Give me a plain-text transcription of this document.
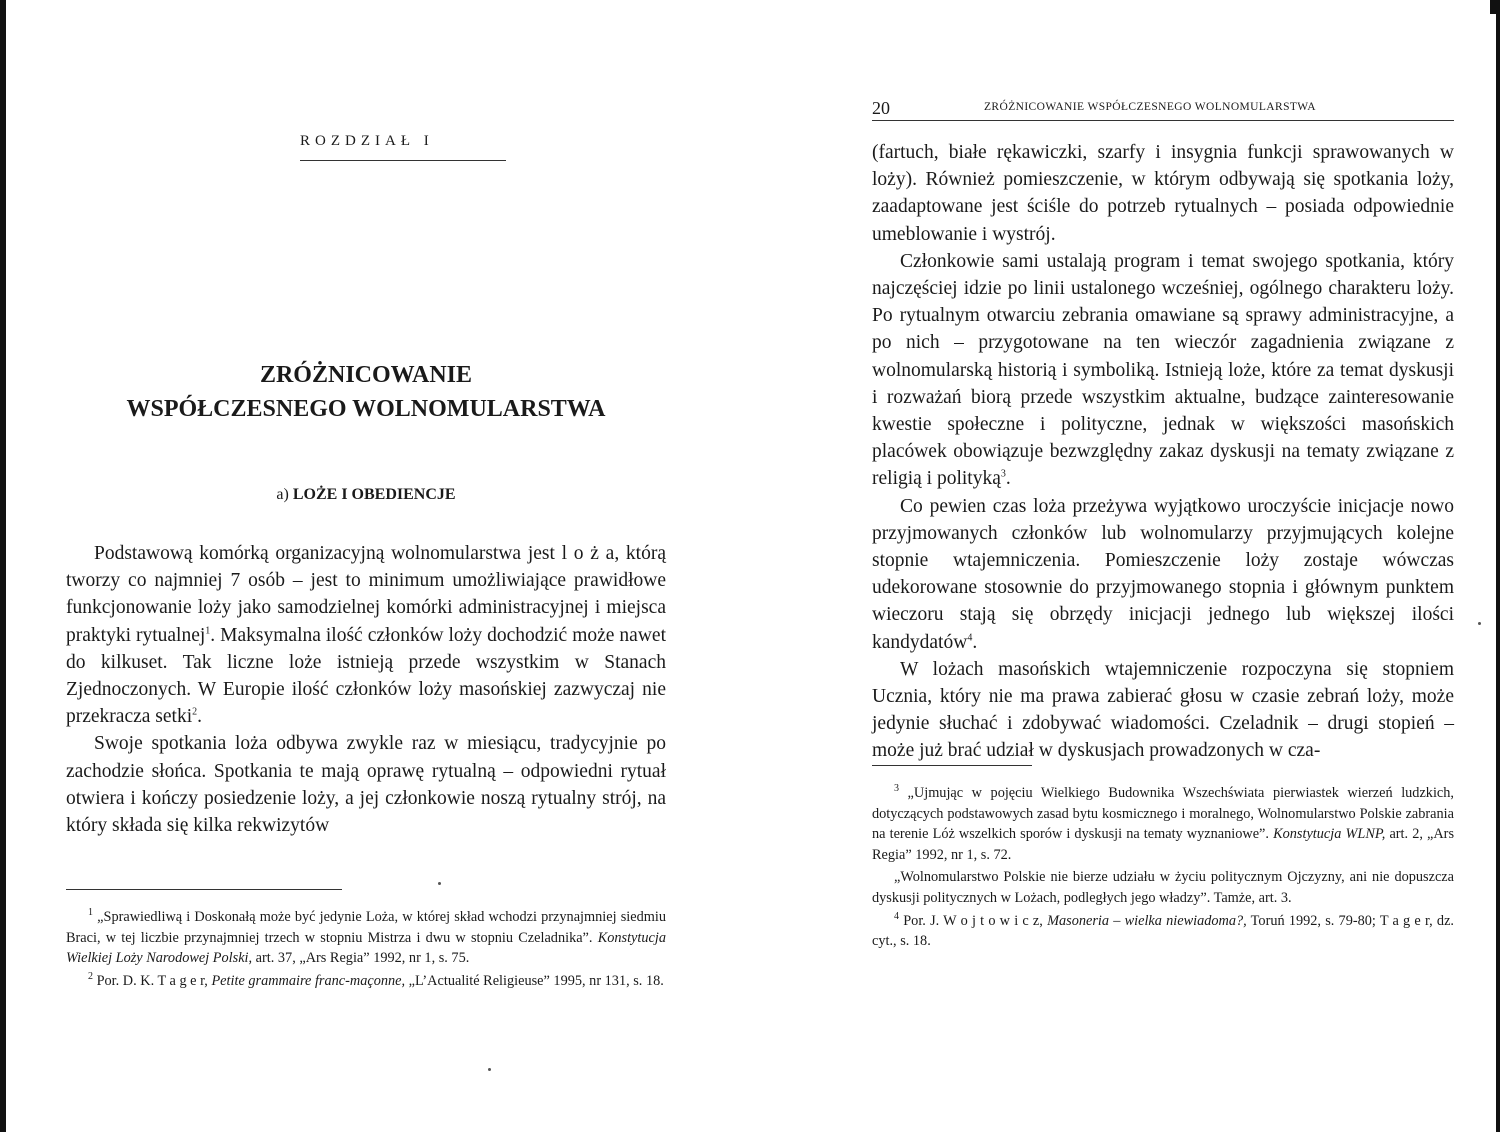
ROZDZIAŁ I
ZRÓŻNICOWANIE
WSPÓŁCZESNEGO WOLNOMULARSTWA
a) LOŻE I OBEDIENCJE

Podstawową komórką organizacyjną wolnomularstwa jest l o ż a, którą tworzy co najmniej 7 osób – jest to minimum umożliwiające prawidłowe funkcjonowanie loży jako samodzielnej komórki administracyjnej i miejsca praktyki rytualnej$^1$. Maksymalna ilość członków loży dochodzić może nawet do kilkuset. Tak liczne loże istnieją przede wszystkim w Stanach Zjednoczonych. W Europie ilość członków loży masońskiej zazwyczaj nie przekracza setki$^2$.

Swoje spotkania loża odbywa zwykle raz w miesiącu, tradycyjnie po zachodzie słońca. Spotkania te mają oprawę rytualną – odpowiedni rytuał otwiera i kończy posiedzenie loży, a jej członkowie noszą rytualny strój, na który składa się kilka rekwizytów

$^1$ „Sprawiedliwą i Doskonałą może być jedynie Loża, w której skład wchodzi przynajmniej siedmiu Braci, w tej liczbie przynajmniej trzech w stopniu Mistrza i dwu w stopniu Czeladnika”. Konstytucja Wielkiej Loży Narodowej Polski, art. 37, „Ars Regia” 1992, nr 1, s. 75.

$^2$ Por. D. K. T a g e r, Petite grammaire franc-maçonne, „L’Actualité Religieuse” 1995, nr 131, s. 18.

20	ZRÓŻNICOWANIE WSPÓŁCZESNEGO WOLNOMULARSTWA

(fartuch, białe rękawiczki, szarfy i insygnia funkcji sprawowanych w loży). Również pomieszczenie, w którym odbywają się spotkania loży, zaadaptowane jest ściśle do potrzeb rytualnych – posiada odpowiednie umeblowanie i wystrój.

Członkowie sami ustalają program i temat swojego spotkania, który najczęściej idzie po linii ustalonego wcześniej, ogólnego charakteru loży. Po rytualnym otwarciu zebrania omawiane są sprawy administracyjne, a po nich – przygotowane na ten wieczór zagadnienia związane z wolnomularską historią i symboliką. Istnieją loże, które za temat dyskusji i rozważań biorą przede wszystkim aktualne, budzące zainteresowanie kwestie społeczne i polityczne, jednak w większości masońskich placówek obowiązuje bezwzględny zakaz dyskusji na tematy związane z religią i polityką$^3$.

Co pewien czas loża przeżywa wyjątkowo uroczyście inicjacje nowo przyjmowanych członków lub wolnomularzy przyjmujących kolejne stopnie wtajemniczenia. Pomieszczenie loży zostaje wówczas udekorowane stosownie do przyjmowanego stopnia i głównym punktem wieczoru stają się obrzędy inicjacji jednego lub większej ilości kandydatów$^4$.

W lożach masońskich wtajemniczenie rozpoczyna się stopniem Ucznia, który nie ma prawa zabierać głosu w czasie zebrań loży, może jedynie słuchać i zdobywać wiadomości. Czeladnik – drugi stopień – może już brać udział w dyskusjach prowadzonych w cza-

$^3$ „Ujmując w pojęciu Wielkiego Budownika Wszechświata pierwiastek wierzeń ludzkich, dotyczących podstawowych zasad bytu kosmicznego i moralnego, Wolnomularstwo Polskie zabrania na terenie Lóż wszelkich sporów i dyskusji na tematy wyznaniowe”. Konstytucja WLNP, art. 2, „Ars Regia” 1992, nr 1, s. 72.

„Wolnomularstwo Polskie nie bierze udziału w życiu politycznym Ojczyzny, ani nie dopuszcza dyskusji politycznych w Lożach, podległych jego władzy”. Tamże, art. 3.

$^4$ Por. J. W o j t o w i c z, Masoneria – wielka niewiadoma?, Toruń 1992, s. 79-80; T a g e r, dz. cyt., s. 18.
